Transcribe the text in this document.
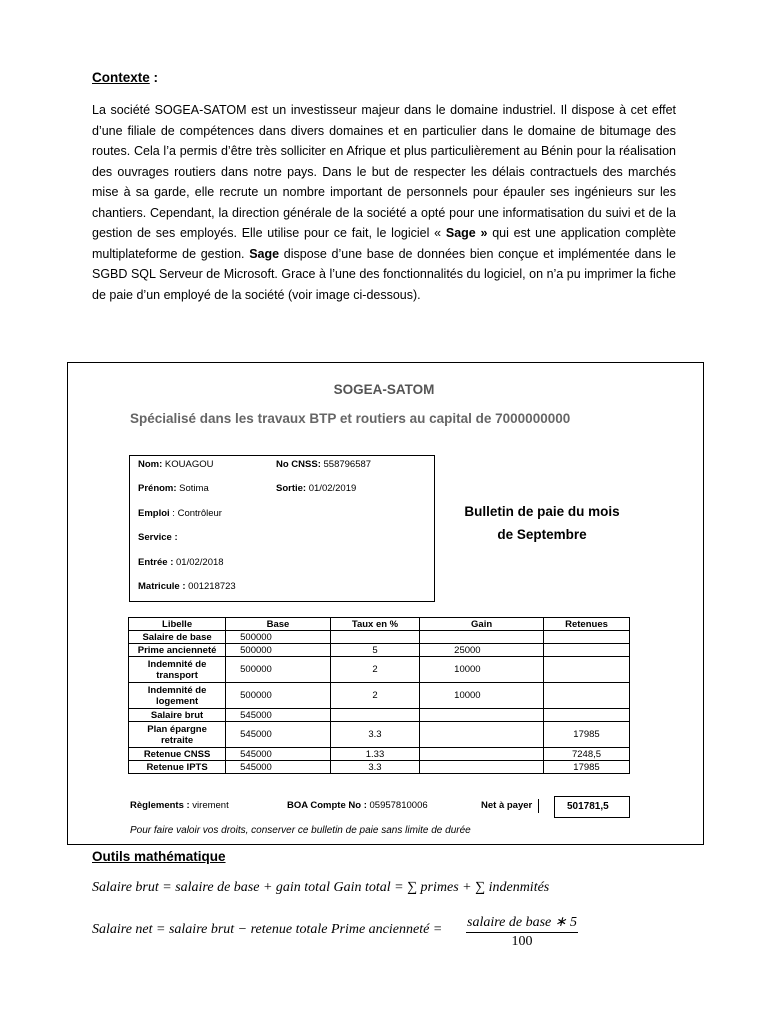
Contexte :
La société SOGEA-SATOM est un investisseur majeur dans le domaine industriel. Il dispose à cet effet d’une filiale de compétences dans divers domaines et en particulier dans le domaine de bitumage des routes. Cela l’a permis d’être très solliciter en Afrique et plus particulièrement au Bénin pour la réalisation des ouvrages routiers dans notre pays. Dans le but de respecter les délais contractuels des marchés mise à sa garde, elle recrute un nombre important de personnels pour épauler ses ingénieurs sur les chantiers. Cependant, la direction générale de la société a opté pour une informatisation du suivi et de la gestion de ses employés. Elle utilise pour ce fait, le logiciel « Sage » qui est une application complète multiplateforme de gestion. Sage dispose d’une base de données bien conçue et implémentée dans le SGBD SQL Serveur de Microsoft. Grace à l’une des fonctionnalités du logiciel, on n’a pu imprimer la fiche de paie d’un employé de la société (voir image ci-dessous).
SOGEA-SATOM
Spécialisé dans les travaux BTP et routiers au capital de 7000000000
Nom: KOUAGOU	No CNSS: 558796587
Prénom: Sotima	Sortie: 01/02/2019
Emploi : Contrôleur
Service :
Entrée : 01/02/2018
Matricule : 001218723
Bulletin de paie du mois
de Septembre
Libelle	Base	Taux en %	Gain	Retenues
Salaire de base	500000			
Prime ancienneté	500000	5	25000	
Indemnité de transport	500000	2	10000	
Indemnité de logement	500000	2	10000	
Salaire brut	545000			
Plan épargne retraite	545000	3.3		17985
Retenue CNSS	545000	1.33		7248,5
Retenue IPTS	545000	3.3		17985
Règlements : virement	BOA Compte No : 05957810006	Net à payer	501781,5
Pour faire valoir vos droits, conserver ce bulletin de paie sans limite de durée
Outils mathématique
Salaire brut = salaire de base + gain total Gain total = ∑ primes + ∑ indenmités
Salaire net = salaire brut − retenue totale Prime ancienneté = salaire de base ∗ 5
100
